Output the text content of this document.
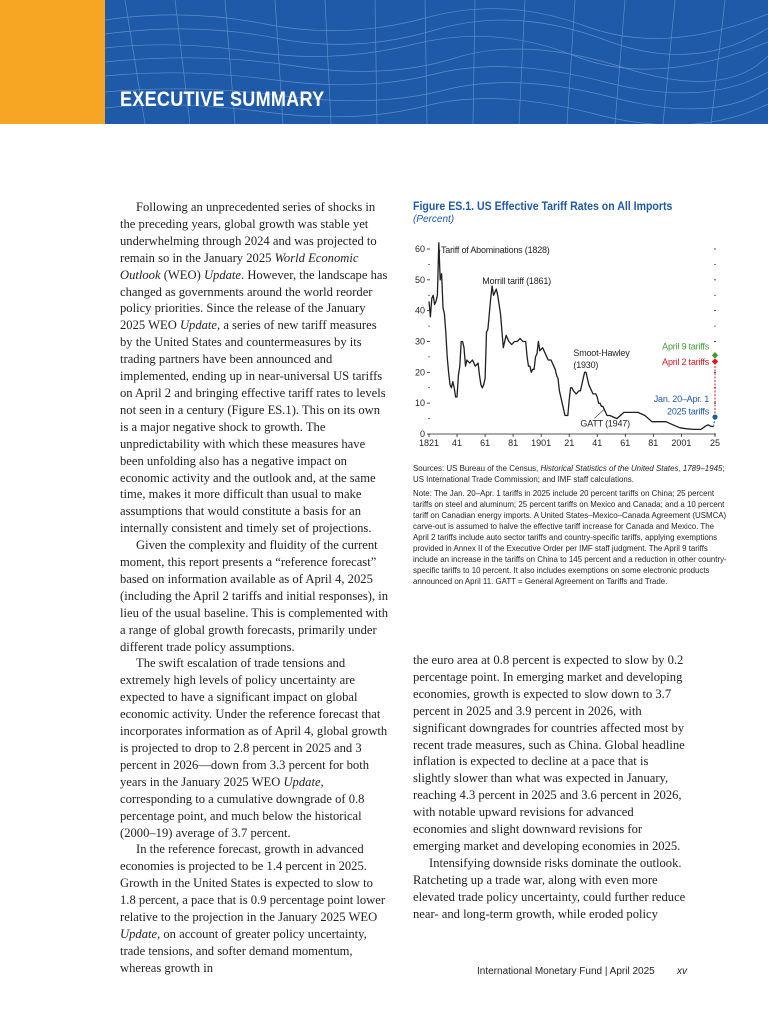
EXECUTIVE SUMMARY

Following an unprecedented series of shocks in the preceding years, global growth was stable yet underwhelming through 2024 and was projected to remain so in the January 2025 World Economic Outlook (WEO) Update. However, the landscape has changed as governments around the world reorder policy priorities. Since the release of the January 2025 WEO Update, a series of new tariff measures by the United States and countermeasures by its trading partners have been announced and implemented, ending up in near-universal US tariffs on April 2 and bringing effective tariff rates to levels not seen in a century (Figure ES.1). This on its own is a major negative shock to growth. The unpredictability with which these measures have been unfolding also has a negative impact on economic activity and the outlook and, at the same time, makes it more difficult than usual to make assumptions that would constitute a basis for an internally consistent and timely set of projections.

Given the complexity and fluidity of the current moment, this report presents a “reference forecast” based on information available as of April 4, 2025 (including the April 2 tariffs and initial responses), in lieu of the usual baseline. This is complemented with a range of global growth forecasts, primarily under different trade policy assumptions.

The swift escalation of trade tensions and extremely high levels of policy uncertainty are expected to have a significant impact on global economic activity. Under the reference forecast that incorporates information as of April 4, global growth is projected to drop to 2.8 percent in 2025 and 3 percent in 2026—down from 3.3 percent for both years in the January 2025 WEO Update, corresponding to a cumulative downgrade of 0.8 percentage point, and much below the historical (2000–19) average of 3.7 percent.

In the reference forecast, growth in advanced economies is projected to be 1.4 percent in 2025. Growth in the United States is expected to slow to 1.8 percent, a pace that is 0.9 percentage point lower relative to the projection in the January 2025 WEO Update, on account of greater policy uncertainty, trade tensions, and softer demand momentum, whereas growth in

Figure ES.1. US Effective Tariff Rates on All Imports
(Percent)
0
10
20
30
40
50
60
1821 41 61 81 1901 21 41 61 81 2001 25
Tariff of Abominations (1828)
Morrill tariff (1861)
Smoot-Hawley
(1930)
GATT (1947)
April 9 tariffs
April 2 tariffs
Jan. 20–Apr. 1
2025 tariffs

Sources: US Bureau of the Census, Historical Statistics of the United States, 1789–1945; US International Trade Commission; and IMF staff calculations.

Note: The Jan. 20–Apr. 1 tariffs in 2025 include 20 percent tariffs on China; 25 percent tariffs on steel and aluminum; 25 percent tariffs on Mexico and Canada; and a 10 percent tariff on Canadian energy imports. A United States–Mexico–Canada Agreement (USMCA) carve-out is assumed to halve the effective tariff increase for Canada and Mexico. The April 2 tariffs include auto sector tariffs and country-specific tariffs, applying exemptions provided in Annex II of the Executive Order per IMF staff judgment. The April 9 tariffs include an increase in the tariffs on China to 145 percent and a reduction in other country-specific tariffs to 10 percent. It also includes exemptions on some electronic products announced on April 11. GATT = General Agreement on Tariffs and Trade.

the euro area at 0.8 percent is expected to slow by 0.2 percentage point. In emerging market and developing economies, growth is expected to slow down to 3.7 percent in 2025 and 3.9 percent in 2026, with significant downgrades for countries affected most by recent trade measures, such as China. Global headline inflation is expected to decline at a pace that is slightly slower than what was expected in January, reaching 4.3 percent in 2025 and 3.6 percent in 2026, with notable upward revisions for advanced economies and slight downward revisions for emerging market and developing economies in 2025.

Intensifying downside risks dominate the outlook. Ratcheting up a trade war, along with even more elevated trade policy uncertainty, could further reduce near- and long-term growth, while eroded policy

International Monetary Fund | April 2025 xv
